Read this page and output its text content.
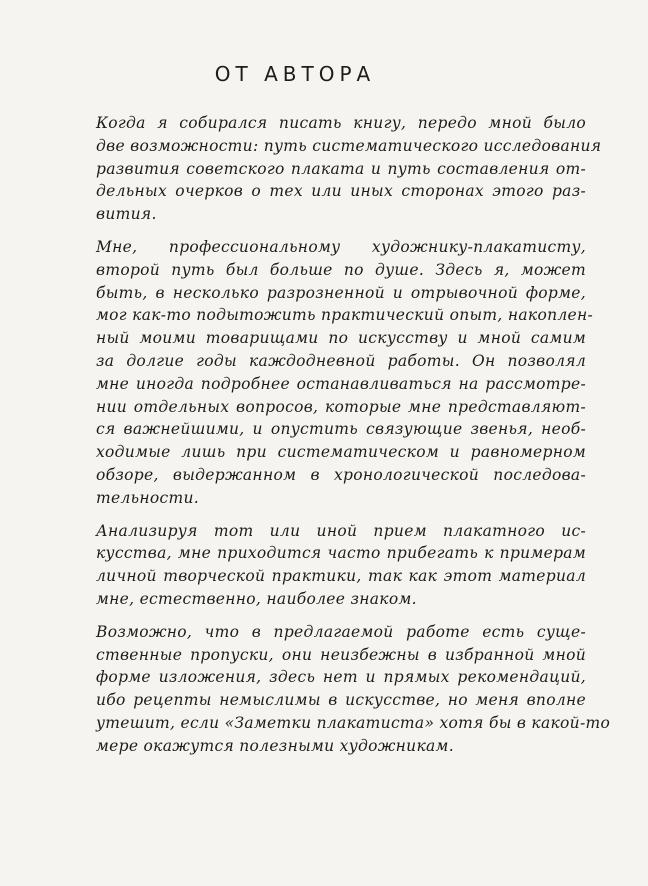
ОТ АВТОРА
Когда я собирался писать книгу, передо мной было
две возможности: путь систематического исследования
развития советского плаката и путь составления от-
дельных очерков о тех или иных сторонах этого раз-
вития.
Мне, профессиональному художнику-плакатисту,
второй путь был больше по душе. Здесь я, может
быть, в несколько разрозненной и отрывочной форме,
мог как-то подытожить практический опыт, накоплен-
ный моими товарищами по искусству и мной самим
за долгие годы каждодневной работы. Он позволял
мне иногда подробнее останавливаться на рассмотре-
нии отдельных вопросов, которые мне представляют-
ся важнейшими, и опустить связующие звенья, необ-
ходимые лишь при систематическом и равномерном
обзоре, выдержанном в хронологической последова-
тельности.
Анализируя тот или иной прием плакатного ис-
кусства, мне приходится часто прибегать к примерам
личной творческой практики, так как этот материал
мне, естественно, наиболее знаком.
Возможно, что в предлагаемой работе есть суще-
ственные пропуски, они неизбежны в избранной мной
форме изложения, здесь нет и прямых рекомендаций,
ибо рецепты немыслимы в искусстве, но меня вполне
утешит, если «Заметки плакатиста» хотя бы в какой-то
мере окажутся полезными художникам.
